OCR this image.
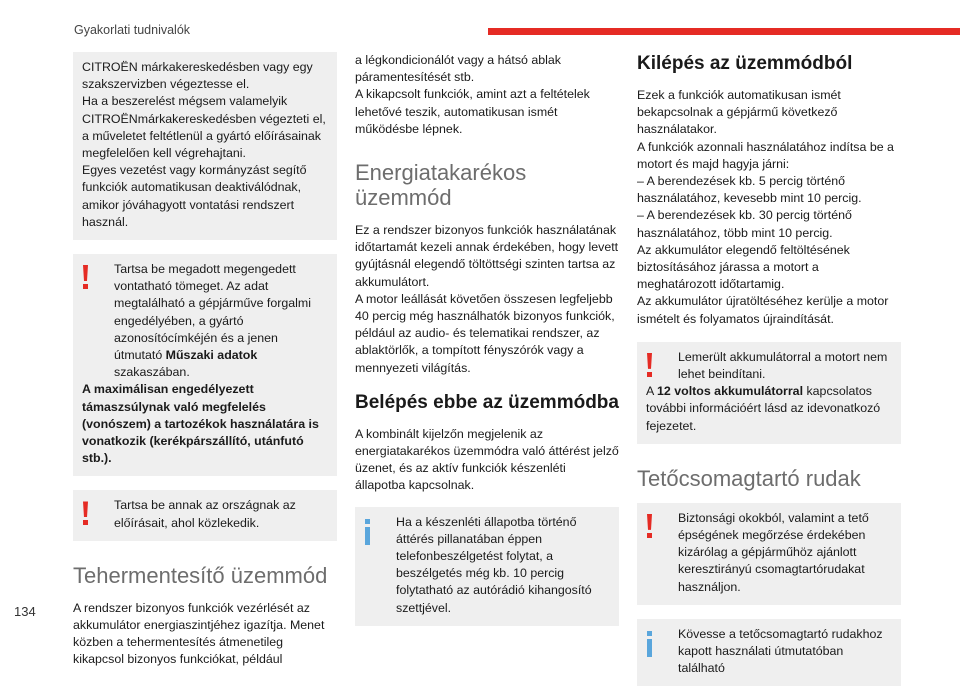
Gyakorlati tudnivalók

CITROËN márkakereskedésben vagy egy szakszervizben végeztesse el.

Ha a beszerelést mégsem valamelyik CITROËNmárkakereskedésben végezteti el, a műveletet feltétlenül a gyártó előírásainak megfelelően kell végrehajtani.

Egyes vezetést vagy kormányzást segítő funkciók automatikusan deaktiválódnak, amikor jóváhagyott vontatási rendszert használ.

Tartsa be megadott megengedett vontatható tömeget. Az adat megtalálható a gépjárműve forgalmi engedélyében, a gyártó azonosítócímkéjén és a jenen útmutató Műszaki adatok szakaszában.

A maximálisan engedélyezett támaszsúlynak való megfelelés (vonószem) a tartozékok használatára is vonatkozik (kerékpárszállító, utánfutó stb.).

Tartsa be annak az országnak az előírásait, ahol közlekedik.

Tehermentesítő üzemmód

A rendszer bizonyos funkciók vezérlését az akkumulátor energiaszintjéhez igazítja. Menet közben a tehermentesítés átmenetileg kikapcsol bizonyos funkciókat, például

a légkondicionálót vagy a hátsó ablak páramentesítését stb.

A kikapcsolt funkciók, amint azt a feltételek lehetővé teszik, automatikusan ismét működésbe lépnek.

Energiatakarékos üzemmód

Ez a rendszer bizonyos funkciók használatának időtartamát kezeli annak érdekében, hogy levett gyújtásnál elegendő töltöttségi szinten tartsa az akkumulátort.

A motor leállását követően összesen legfeljebb 40 percig még használhatók bizonyos funkciók, például az audio- és telematikai rendszer, az ablaktörlők, a tompított fényszórók vagy a mennyezeti világítás.

Belépés ebbe az üzemmódba

A kombinált kijelzőn megjelenik az energiatakarékos üzemmódra való áttérést jelző üzenet, és az aktív funkciók készenléti állapotba kapcsolnak.

Ha a készenléti állapotba történő áttérés pillanatában éppen telefonbeszélgetést folytat, a beszélgetés még kb. 10 percig folytatható az autórádió kihangosító szettjével.

Kilépés az üzemmódból

Ezek a funkciók automatikusan ismét bekapcsolnak a gépjármű következő használatakor.

A funkciók azonnali használatához indítsa be a motort és majd hagyja járni:

– A berendezések kb. 5 percig történő használatához, kevesebb mint 10 percig.

– A berendezések kb. 30 percig történő használatához, több mint 10 percig.

Az akkumulátor elegendő feltöltésének biztosításához járassa a motort a meghatározott időtartamig.

Az akkumulátor újratöltéséhez kerülje a motor ismételt és folyamatos újraindítását.

Lemerült akkumulátorral a motort nem lehet beindítani.

A 12 voltos akkumulátorral kapcsolatos további információért lásd az idevonatkozó fejezetet.

Tetőcsomagtartó rudak

Biztonsági okokból, valamint a tető épségének megőrzése érdekében kizárólag a gépjárműhöz ajánlott keresztirányú csomagtartórudakat használjon.

Kövesse a tetőcsomagtartó rudakhoz kapott használati útmutatóban található

134
